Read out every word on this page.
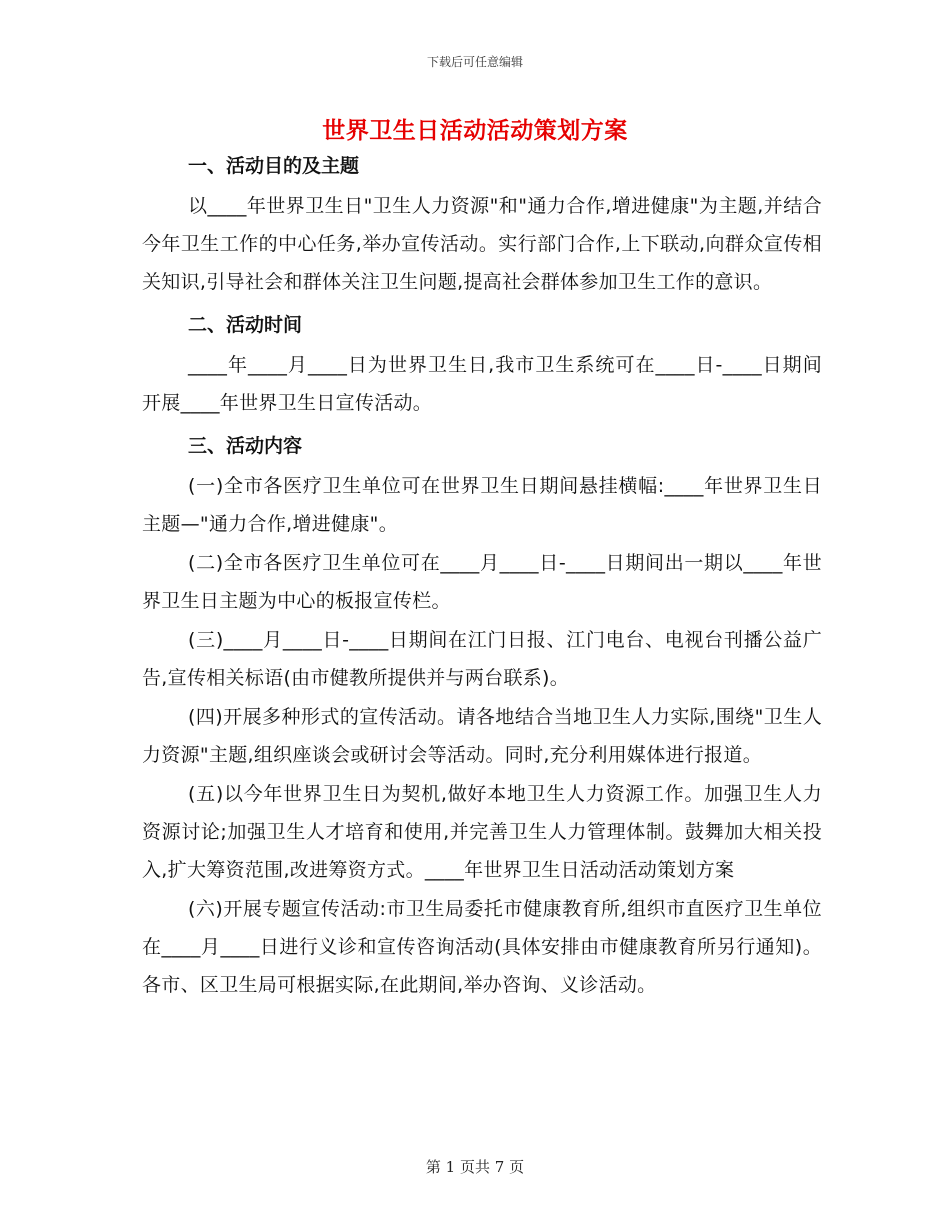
下载后可任意编辑
世界卫生日活动活动策划方案
一、活动目的及主题

以____年世界卫生日"卫生人力资源"和"通力合作,增进健康"为主题,并结合今年卫生工作的中心任务,举办宣传活动。实行部门合作,上下联动,向群众宣传相关知识,引导社会和群体关注卫生问题,提高社会群体参加卫生工作的意识。

二、活动时间

____年____月____日为世界卫生日,我市卫生系统可在____日-____日期间开展____年世界卫生日宣传活动。

三、活动内容

(一)全市各医疗卫生单位可在世界卫生日期间悬挂横幅:____年世界卫生日主题—"通力合作,增进健康"。

(二)全市各医疗卫生单位可在____月____日-____日期间出一期以____年世界卫生日主题为中心的板报宣传栏。

(三)____月____日-____日期间在江门日报、江门电台、电视台刊播公益广告,宣传相关标语(由市健教所提供并与两台联系)。

(四)开展多种形式的宣传活动。请各地结合当地卫生人力实际,围绕"卫生人力资源"主题,组织座谈会或研讨会等活动。同时,充分利用媒体进行报道。

(五)以今年世界卫生日为契机,做好本地卫生人力资源工作。加强卫生人力资源讨论;加强卫生人才培育和使用,并完善卫生人力管理体制。鼓舞加大相关投入,扩大筹资范围,改进筹资方式。____年世界卫生日活动活动策划方案

(六)开展专题宣传活动:市卫生局委托市健康教育所,组织市直医疗卫生单位在____月____日进行义诊和宣传咨询活动(具体安排由市健康教育所另行通知)。各市、区卫生局可根据实际,在此期间,举办咨询、义诊活动。

第 1 页共 7 页
